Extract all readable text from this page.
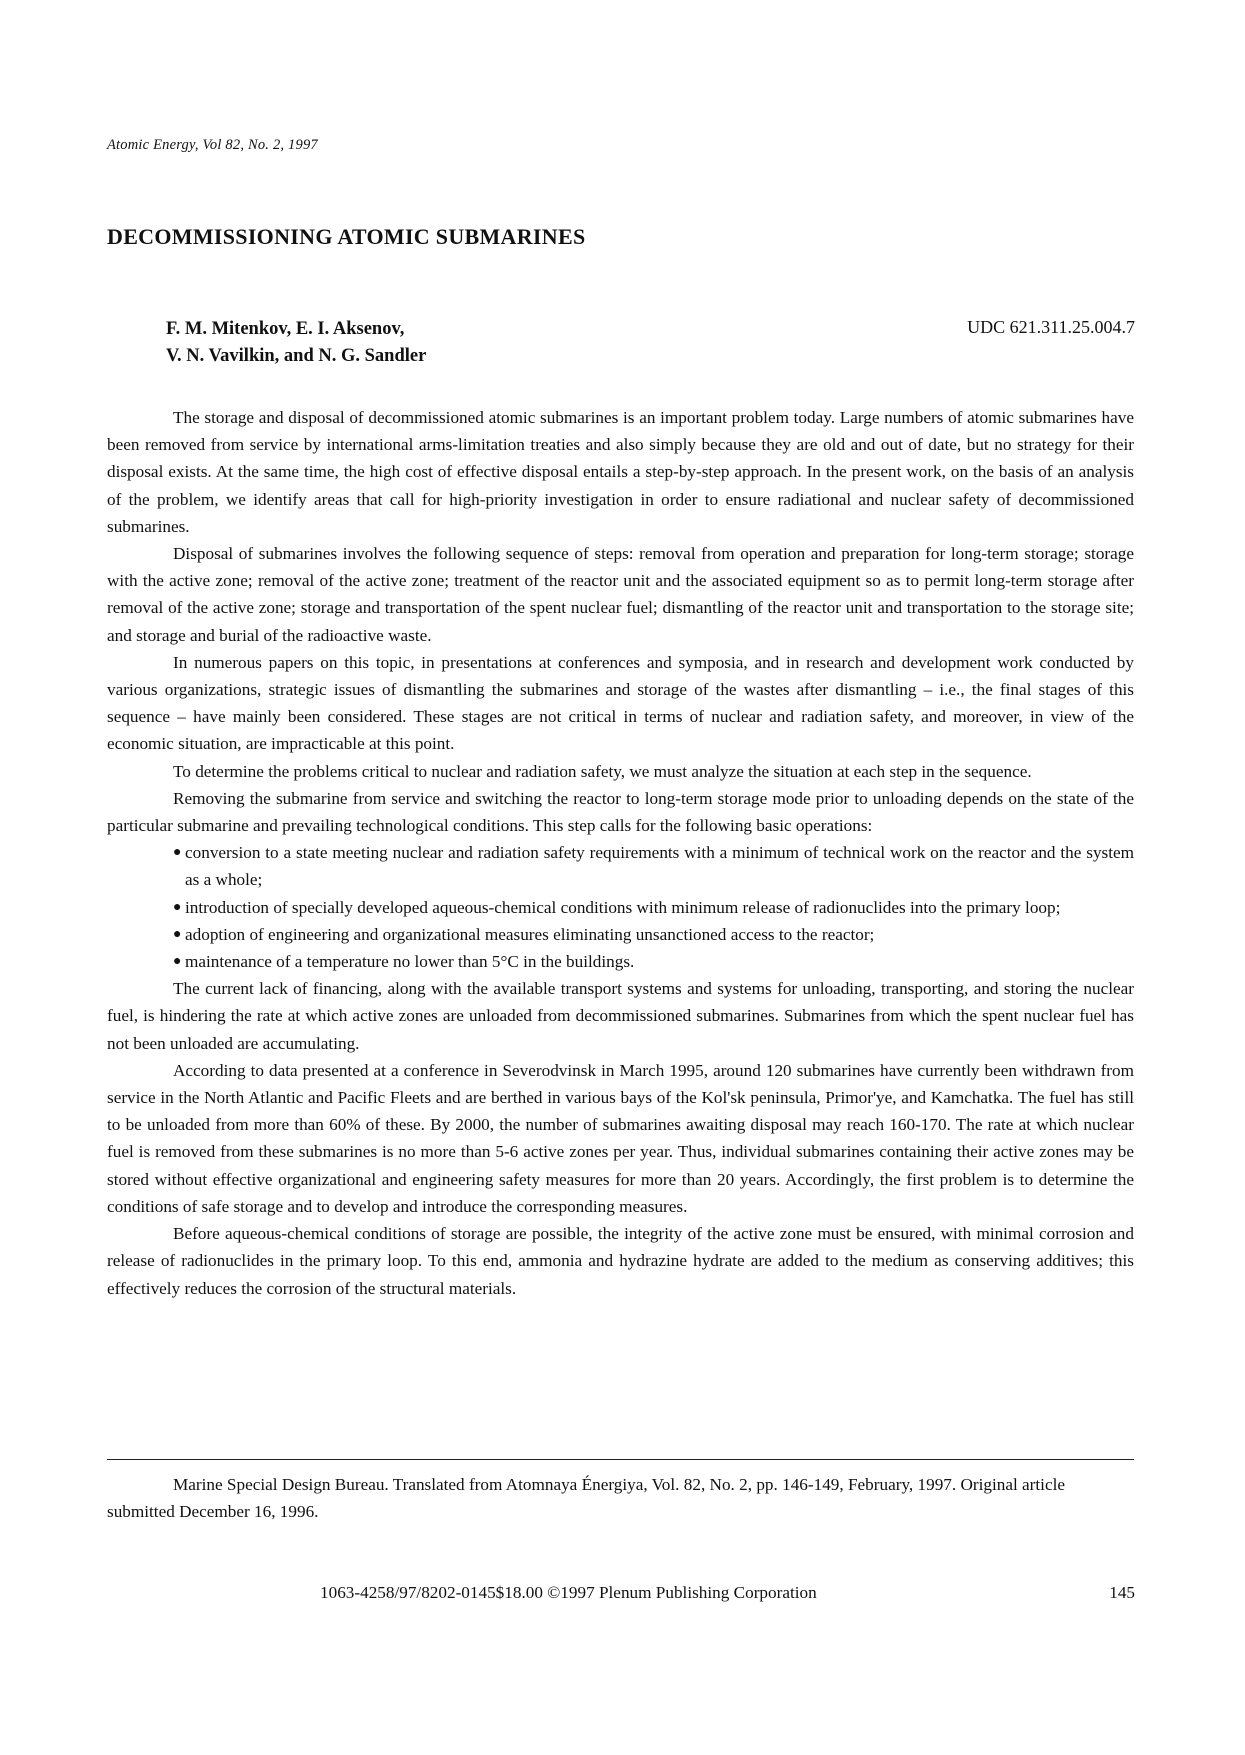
Atomic Energy, Vol 82, No. 2, 1997
DECOMMISSIONING ATOMIC SUBMARINES
F. M. Mitenkov, E. I. Aksenov,
V. N. Vavilkin, and N. G. Sandler
UDC 621.311.25.004.7

The storage and disposal of decommissioned atomic submarines is an important problem today. Large numbers of atomic submarines have been removed from service by international arms-limitation treaties and also simply because they are old and out of date, but no strategy for their disposal exists. At the same time, the high cost of effective disposal entails a step-by-step approach. In the present work, on the basis of an analysis of the problem, we identify areas that call for high-priority investigation in order to ensure radiational and nuclear safety of decommissioned submarines.

Disposal of submarines involves the following sequence of steps: removal from operation and preparation for long-term storage; storage with the active zone; removal of the active zone; treatment of the reactor unit and the associated equipment so as to permit long-term storage after removal of the active zone; storage and transportation of the spent nuclear fuel; dismantling of the reactor unit and transportation to the storage site; and storage and burial of the radioactive waste.

In numerous papers on this topic, in presentations at conferences and symposia, and in research and development work conducted by various organizations, strategic issues of dismantling the submarines and storage of the wastes after dismantling – i.e., the final stages of this sequence – have mainly been considered. These stages are not critical in terms of nuclear and radiation safety, and moreover, in view of the economic situation, are impracticable at this point.

To determine the problems critical to nuclear and radiation safety, we must analyze the situation at each step in the sequence.

Removing the submarine from service and switching the reactor to long-term storage mode prior to unloading depends on the state of the particular submarine and prevailing technological conditions. This step calls for the following basic operations:

● conversion to a state meeting nuclear and radiation safety requirements with a minimum of technical work on the reactor and the system as a whole;
● introduction of specially developed aqueous-chemical conditions with minimum release of radionuclides into the primary loop;
● adoption of engineering and organizational measures eliminating unsanctioned access to the reactor;
● maintenance of a temperature no lower than 5°C in the buildings.

The current lack of financing, along with the available transport systems and systems for unloading, transporting, and storing the nuclear fuel, is hindering the rate at which active zones are unloaded from decommissioned submarines. Submarines from which the spent nuclear fuel has not been unloaded are accumulating.

According to data presented at a conference in Severodvinsk in March 1995, around 120 submarines have currently been withdrawn from service in the North Atlantic and Pacific Fleets and are berthed in various bays of the Kol'sk peninsula, Primor'ye, and Kamchatka. The fuel has still to be unloaded from more than 60% of these. By 2000, the number of submarines awaiting disposal may reach 160-170. The rate at which nuclear fuel is removed from these submarines is no more than 5-6 active zones per year. Thus, individual submarines containing their active zones may be stored without effective organizational and engineering safety measures for more than 20 years. Accordingly, the first problem is to determine the conditions of safe storage and to develop and introduce the corresponding measures.

Before aqueous-chemical conditions of storage are possible, the integrity of the active zone must be ensured, with minimal corrosion and release of radionuclides in the primary loop. To this end, ammonia and hydrazine hydrate are added to the medium as conserving additives; this effectively reduces the corrosion of the structural materials.

Marine Special Design Bureau. Translated from Atomnaya Énergiya, Vol. 82, No. 2, pp. 146-149, February, 1997. Original article submitted December 16, 1996.

1063-4258/97/8202-0145$18.00 ©1997 Plenum Publishing Corporation	145
